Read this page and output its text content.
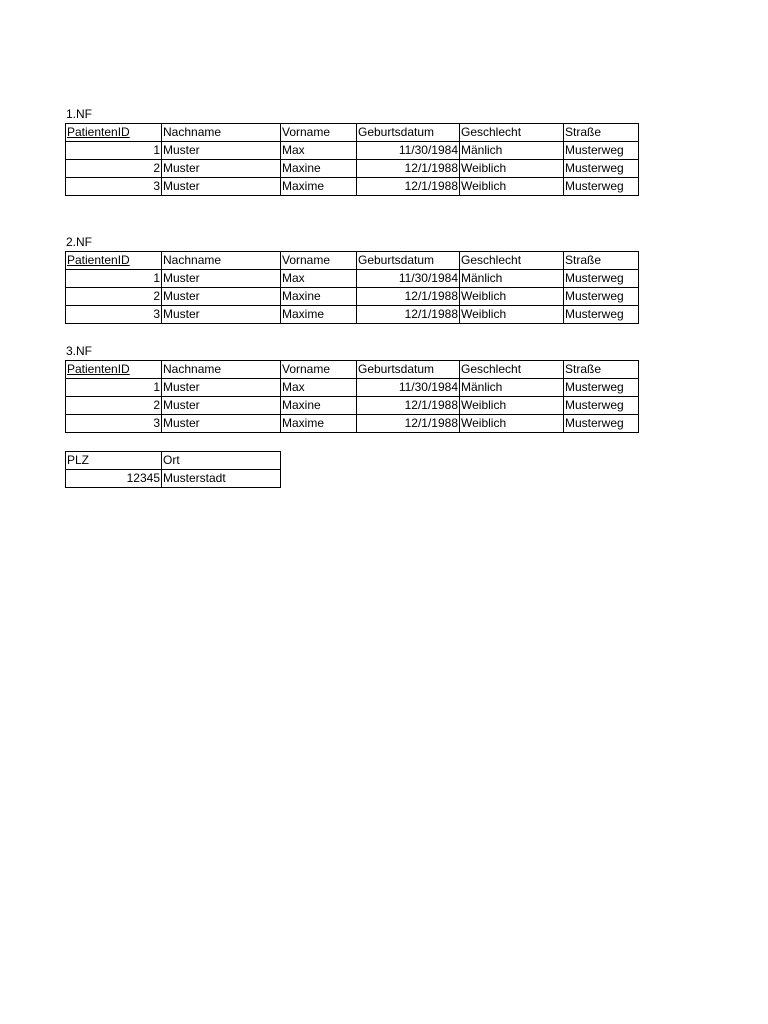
1.NF
PatientenID	Nachname	Vorname	Geburtsdatum	Geschlecht	Straße
1	Muster	Max	11/30/1984	Mänlich	Musterweg
2	Muster	Maxine	12/1/1988	Weiblich	Musterweg
3	Muster	Maxime	12/1/1988	Weiblich	Musterweg
2.NF
PatientenID	Nachname	Vorname	Geburtsdatum	Geschlecht	Straße
1	Muster	Max	11/30/1984	Mänlich	Musterweg
2	Muster	Maxine	12/1/1988	Weiblich	Musterweg
3	Muster	Maxime	12/1/1988	Weiblich	Musterweg
3.NF
PatientenID	Nachname	Vorname	Geburtsdatum	Geschlecht	Straße
1	Muster	Max	11/30/1984	Mänlich	Musterweg
2	Muster	Maxine	12/1/1988	Weiblich	Musterweg
3	Muster	Maxime	12/1/1988	Weiblich	Musterweg
PLZ	Ort
12345	Musterstadt
